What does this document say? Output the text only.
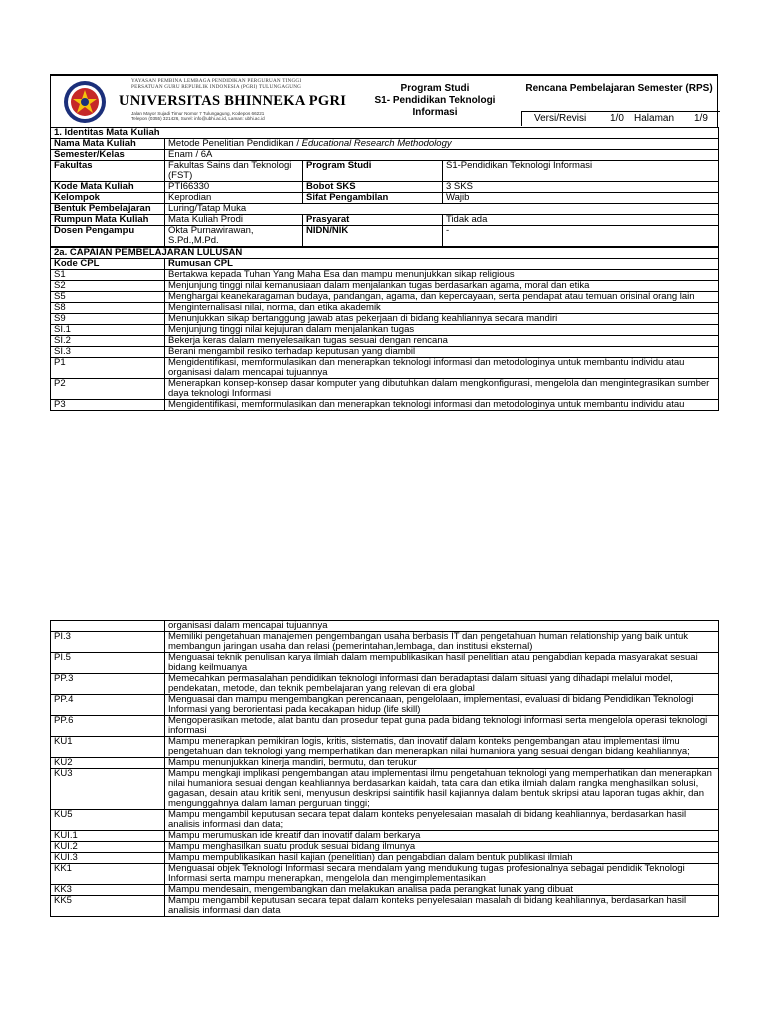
YAYASAN PEMBINA LEMBAGA PENDIDIKAN PERGURUAN TINGGI
PERSATUAN GURU REPUBLIK INDONESIA (PGRI) TULUNGAGUNG
UNIVERSITAS BHINNEKA PGRI
Jalan Mayor Sujadi Timur Nomor 7 Tulungagung, Kodepos 66221
Telepon (0355) 321426, Surel: info@ubhi.ac.id, Laman: ubhi.ac.id
Program Studi
S1- Pendidikan Teknologi
Informasi
Rencana Pembelajaran Semester (RPS)
Versi/Revisi 1/0 Halaman 1/9
1. Identitas Mata Kuliah			
Nama Mata Kuliah	Metode Penelitian Pendidikan / Educational Research Methodology		
Semester/Kelas	Enam / 6A		
Fakultas	Fakultas Sains dan Teknologi (FST)	Program Studi	S1-Pendidikan Teknologi Informasi
Kode Mata Kuliah	PTI66330	Bobot SKS	3 SKS
Kelompok	Keprodian	Sifat Pengambilan	Wajib
Bentuk Pembelajaran	Luring/Tatap Muka		
Rumpun Mata Kuliah	Mata Kuliah Prodi	Prasyarat	Tidak ada
Dosen Pengampu	Okta Purnawirawan, S.Pd.,M.Pd.	NIDN/NIK	-
2a. CAPAIAN PEMBELAJARAN LULUSAN	
Kode CPL	Rumusan CPL
S1	Bertakwa kepada Tuhan Yang Maha Esa dan mampu menunjukkan sikap religious
S2	Menjunjung tinggi nilai kemanusiaan dalam menjalankan tugas berdasarkan agama, moral dan etika
S5	Menghargai keanekaragaman budaya, pandangan, agama, dan kepercayaan, serta pendapat atau temuan orisinal orang lain
S8	Menginternalisasi nilai, norma, dan etika akademik
S9	Menunjukkan sikap bertanggung jawab atas pekerjaan di bidang keahliannya secara mandiri
SI.1	Menjunjung tinggi nilai kejujuran dalam menjalankan tugas
SI.2	Bekerja keras dalam menyelesaikan tugas sesuai dengan rencana
SI.3	Berani mengambil resiko terhadap keputusan yang diambil
P1	Mengidentifikasi, memformulasikan dan menerapkan teknologi informasi dan metodologinya untuk membantu individu atau organisasi dalam mencapai tujuannya
P2	Menerapkan konsep-konsep dasar komputer yang dibutuhkan dalam mengkonfigurasi, mengelola dan mengintegrasikan sumber daya teknologi Informasi
P3	Mengidentifikasi, memformulasikan dan menerapkan teknologi informasi dan metodologinya untuk membantu individu atau
	organisasi dalam mencapai tujuannya
PI.3	Memiliki pengetahuan manajemen pengembangan usaha berbasis IT dan pengetahuan human relationship yang baik untuk membangun jaringan usaha dan relasi (pemerintahan,lembaga, dan institusi eksternal)
PI.5	Menguasai teknik penulisan karya ilmiah dalam mempublikasikan hasil penelitian atau pengabdian kepada masyarakat sesuai bidang keilmuanya
PP.3	Memecahkan permasalahan pendidikan teknologi informasi dan beradaptasi dalam situasi yang dihadapi melalui model, pendekatan, metode, dan teknik pembelajaran yang relevan di era global
PP.4	Menguasai dan mampu mengembangkan perencanaan, pengelolaan, implementasi, evaluasi di bidang Pendidikan Teknologi Informasi yang berorientasi pada kecakapan hidup (life skill)
PP.6	Mengoperasikan metode, alat bantu dan prosedur tepat guna pada bidang teknologi informasi serta mengelola operasi teknologi informasi
KU1	Mampu menerapkan pemikiran logis, kritis, sistematis, dan inovatif dalam konteks pengembangan atau implementasi ilmu pengetahuan dan teknologi yang memperhatikan dan menerapkan nilai humaniora yang sesuai dengan bidang keahliannya;
KU2	Mampu menunjukkan kinerja mandiri, bermutu, dan terukur
KU3	Mampu mengkaji implikasi pengembangan atau implementasi ilmu pengetahuan teknologi yang memperhatikan dan menerapkan nilai humaniora sesuai dengan keahliannya berdasarkan kaidah, tata cara dan etika ilmiah dalam rangka menghasilkan solusi, gagasan, desain atau kritik seni, menyusun deskripsi saintifik hasil kajiannya dalam bentuk skripsi atau laporan tugas akhir, dan mengunggahnya dalam laman perguruan tinggi;
KU5	Mampu mengambil keputusan secara tepat dalam konteks penyelesaian masalah di bidang keahliannya, berdasarkan hasil analisis informasi dan data;
KUI.1	Mampu merumuskan ide kreatif dan inovatif dalam berkarya
KUI.2	Mampu menghasilkan suatu produk sesuai bidang ilmunya
KUI.3	Mampu mempublikasikan hasil kajian (penelitian) dan pengabdian dalam bentuk publikasi ilmiah
KK1	Menguasai objek Teknologi Informasi secara mendalam yang mendukung tugas profesionalnya sebagai pendidik Teknologi Informasi serta mampu menerapkan, mengelola dan mengimplementasikan
KK3	Mampu mendesain, mengembangkan dan melakukan analisa pada perangkat lunak yang dibuat
KK5	Mampu mengambil keputusan secara tepat dalam konteks penyelesaian masalah di bidang keahliannya, berdasarkan hasil analisis informasi dan data
